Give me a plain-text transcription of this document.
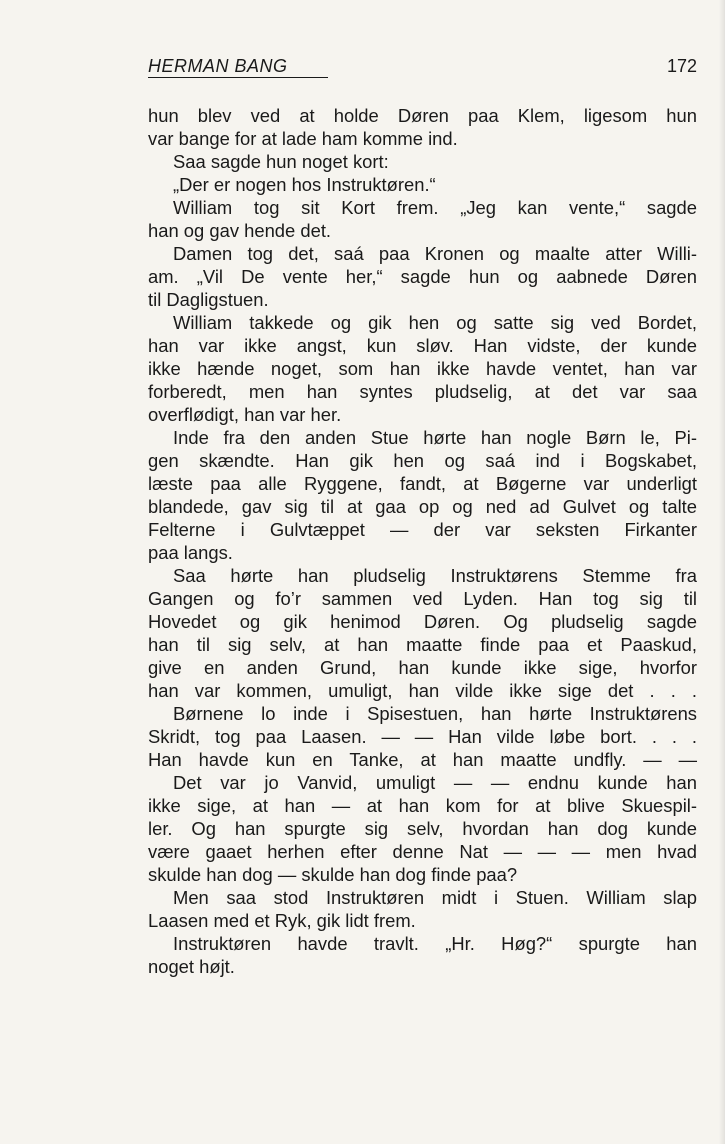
HERMAN BANG	172
hun blev ved at holde Døren paa Klem, ligesom hun
var bange for at lade ham komme ind.
Saa sagde hun noget kort:
„Der er nogen hos Instruktøren.“
William tog sit Kort frem. „Jeg kan vente,“ sagde
han og gav hende det.
Damen tog det, saá paa Kronen og maalte atter Willi-
am. „Vil De vente her,“ sagde hun og aabnede Døren
til Dagligstuen.
William takkede og gik hen og satte sig ved Bordet,
han var ikke angst, kun sløv. Han vidste, der kunde
ikke hænde noget, som han ikke havde ventet, han var
forberedt, men han syntes pludselig, at det var saa
overflødigt, han var her.
Inde fra den anden Stue hørte han nogle Børn le, Pi-
gen skændte. Han gik hen og saá ind i Bogskabet,
læste paa alle Ryggene, fandt, at Bøgerne var underligt
blandede, gav sig til at gaa op og ned ad Gulvet og talte
Felterne i Gulvtæppet — der var seksten Firkanter
paa langs.
Saa hørte han pludselig Instruktørens Stemme fra
Gangen og fo’r sammen ved Lyden. Han tog sig til
Hovedet og gik henimod Døren. Og pludselig sagde
han til sig selv, at han maatte finde paa et Paaskud,
give en anden Grund, han kunde ikke sige, hvorfor
han var kommen, umuligt, han vilde ikke sige det . . .
Børnene lo inde i Spisestuen, han hørte Instruktørens
Skridt, tog paa Laasen. — — Han vilde løbe bort. . . .
Han havde kun en Tanke, at han maatte undfly. — —
Det var jo Vanvid, umuligt — — endnu kunde han
ikke sige, at han — at han kom for at blive Skuespil-
ler. Og han spurgte sig selv, hvordan han dog kunde
være gaaet herhen efter denne Nat — — — men hvad
skulde han dog — skulde han dog finde paa?
Men saa stod Instruktøren midt i Stuen. William slap
Laasen med et Ryk, gik lidt frem.
Instruktøren havde travlt. „Hr. Høg?“ spurgte han
noget højt.
